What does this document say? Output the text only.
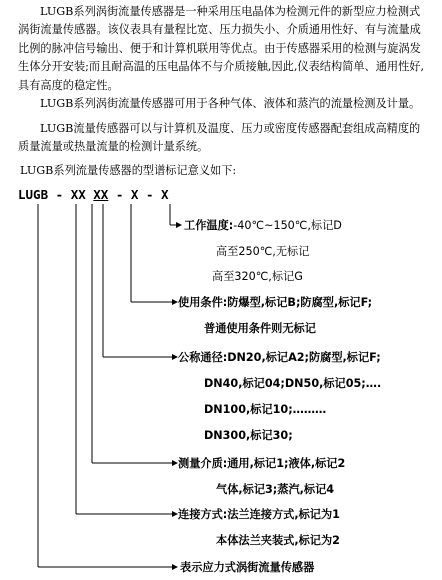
LUGB系列涡街流量传感器是一种采用压电晶体为检测元件的新型应力检测式涡街流量传感器。该仪表具有量程比宽、压力损失小、介质通用性好、有与流量成比例的脉冲信号输出、便于和计算机联用等优点。由于传感器采用的检测与旋涡发生体分开安装;而且耐高温的压电晶体不与介质接触,因此,仪表结构简单、通用性好,具有高度的稳定性。

LUGB系列涡街流量传感器可用于各种气体、液体和蒸汽的流量检测及计量。

LUGB流量传感器可以与计算机及温度、压力或密度传感器配套组成高精度的质量流量或热量流量的检测计量系统。

LUGB系列流量传感器的型谱标记意义如下:

LUGB - XX XX - X - X
工作温度:-40℃~150℃,标记D
高至250℃,无标记
高至320℃,标记G
使用条件:防爆型,标记B;防腐型,标记F;
普通使用条件则无标记
公称通径:DN20,标记A2;防腐型,标记F;
DN40,标记04;DN50,标记05;….
DN100,标记10;………
DN300,标记30;
测量介质:通用,标记1;液体,标记2
气体,标记3;蒸汽,标记4
连接方式:法兰连接方式,标记为1
本体法兰夹装式,标记为2
表示应力式涡街流量传感器
